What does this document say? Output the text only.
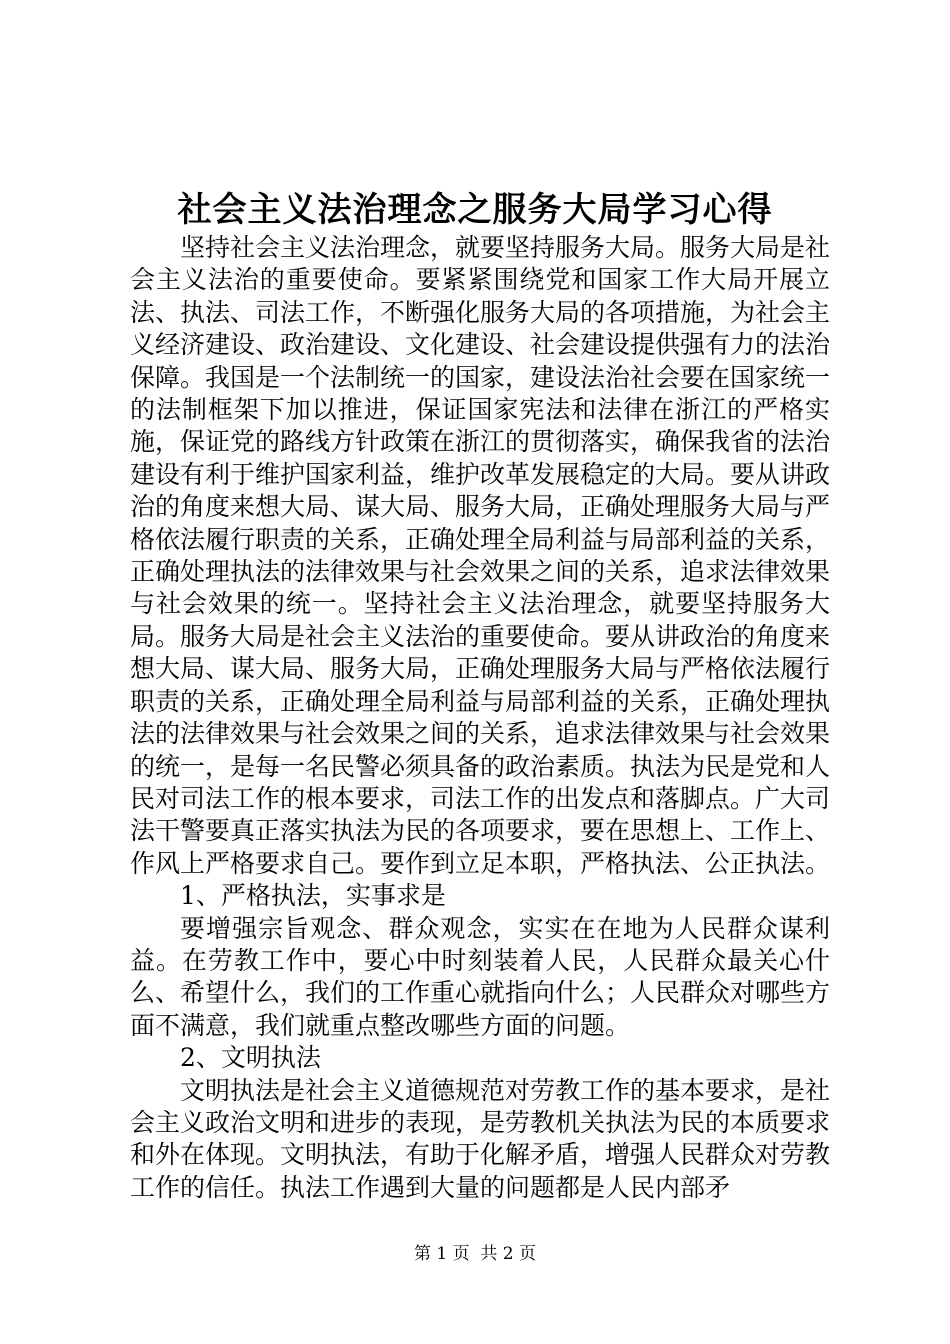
社会主义法治理念之服务大局学习心得

坚持社会主义法治理念，就要坚持服务大局。服务大局是社会主义法治的重要使命。要紧紧围绕党和国家工作大局开展立法、执法、司法工作，不断强化服务大局的各项措施，为社会主义经济建设、政治建设、文化建设、社会建设提供强有力的法治保障。我国是一个法制统一的国家，建设法治社会要在国家统一的法制框架下加以推进，保证国家宪法和法律在浙江的严格实施，保证党的路线方针政策在浙江的贯彻落实，确保我省的法治建设有利于维护国家利益，维护改革发展稳定的大局。要从讲政治的角度来想大局、谋大局、服务大局，正确处理服务大局与严格依法履行职责的关系，正确处理全局利益与局部利益的关系，正确处理执法的法律效果与社会效果之间的关系，追求法律效果与社会效果的统一。坚持社会主义法治理念，就要坚持服务大局。服务大局是社会主义法治的重要使命。要从讲政治的角度来想大局、谋大局、服务大局，正确处理服务大局与严格依法履行职责的关系，正确处理全局利益与局部利益的关系，正确处理执法的法律效果与社会效果之间的关系，追求法律效果与社会效果的统一，是每一名民警必须具备的政治素质。执法为民是党和人民对司法工作的根本要求，司法工作的出发点和落脚点。广大司法干警要真正落实执法为民的各项要求，要在思想上、工作上、作风上严格要求自己。要作到立足本职，严格执法、公正执法。

1、严格执法，实事求是

要增强宗旨观念、群众观念，实实在在地为人民群众谋利益。在劳教工作中，要心中时刻装着人民，人民群众最关心什么、希望什么，我们的工作重心就指向什么；人民群众对哪些方面不满意，我们就重点整改哪些方面的问题。

2、文明执法

文明执法是社会主义道德规范对劳教工作的基本要求，是社会主义政治文明和进步的表现，是劳教机关执法为民的本质要求和外在体现。文明执法，有助于化解矛盾，增强人民群众对劳教工作的信任。执法工作遇到大量的问题都是人民内部矛

第 1 页  共 2 页
